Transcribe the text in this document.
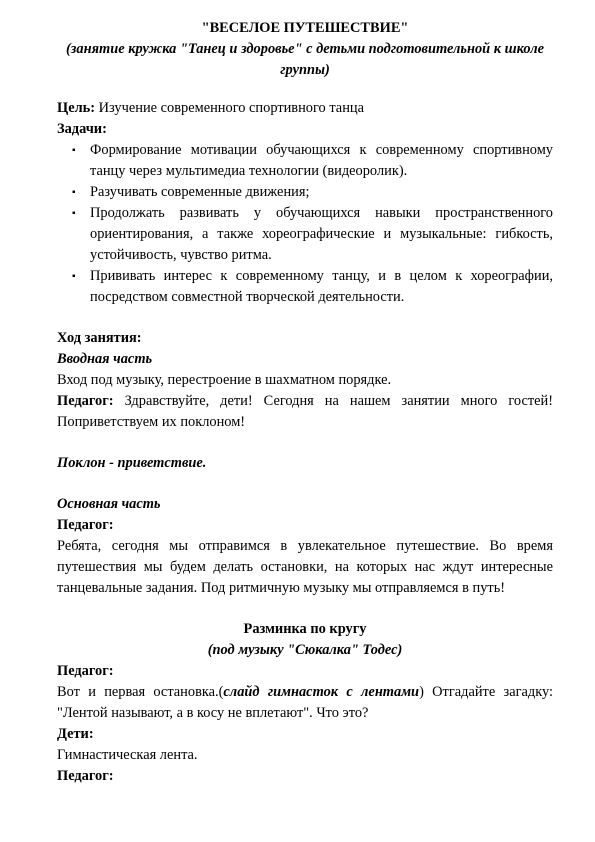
"ВЕСЕЛОЕ ПУТЕШЕСТВИЕ"

(занятие кружка "Танец и здоровье" с детьми подготовительной к школе группы)

Цель: Изучение современного спортивного танца

Задачи:

▪ Формирование мотивации обучающихся к современному спортивному танцу через мультимедиа технологии (видеоролик).
▪ Разучивать современные движения;
▪ Продолжать развивать у обучающихся навыки пространственного ориентирования, а также хореографические и музыкальные: гибкость, устойчивость, чувство ритма.
▪ Прививать интерес к современному танцу, и в целом к хореографии, посредством совместной творческой деятельности.

Ход занятия:

Вводная часть

Вход под музыку, перестроение в шахматном порядке.

Педагог: Здравствуйте, дети! Сегодня на нашем занятии много гостей! Поприветствуем их поклоном!

Поклон - приветствие.

Основная часть

Педагог:

Ребята, сегодня мы отправимся в увлекательное путешествие. Во время путешествия мы будем делать остановки, на которых нас ждут интересные танцевальные задания. Под ритмичную музыку мы отправляемся в путь!

Разминка по кругу

(под музыку "Сюкалка" Тодес)

Педагог:

Вот и первая остановка.(слайд гимнасток с лентами) Отгадайте загадку: "Лентой называют, а в косу не вплетают". Что это?

Дети:

Гимнастическая лента.

Педагог:
